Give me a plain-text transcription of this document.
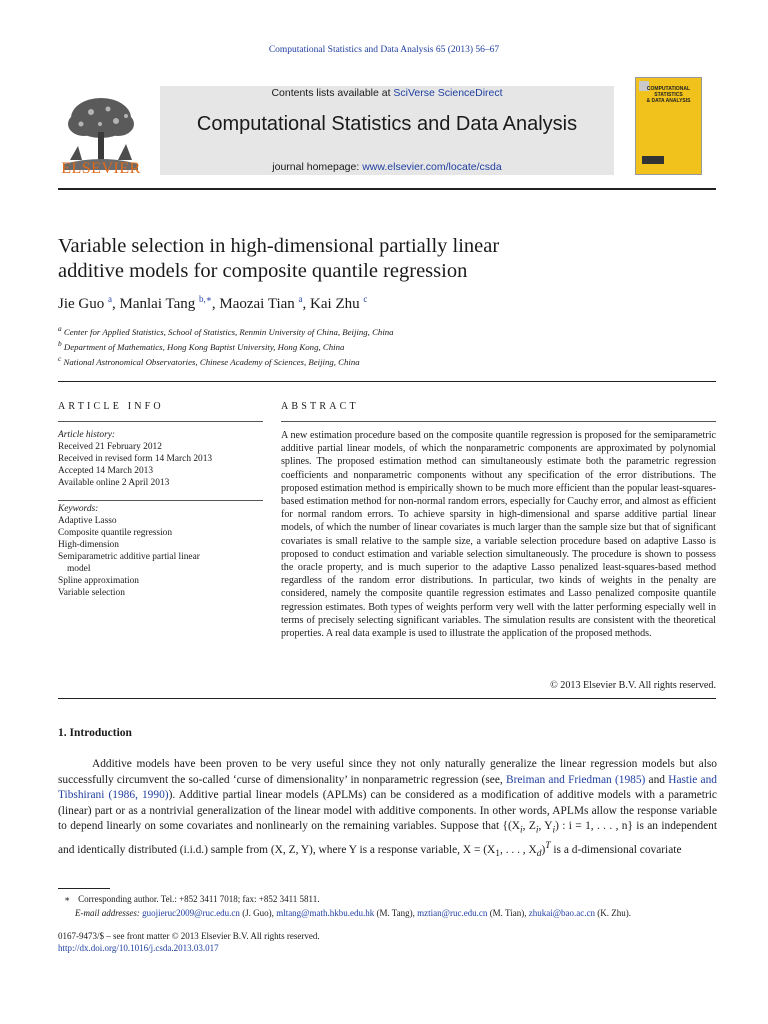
Computational Statistics and Data Analysis 65 (2013) 56–67
ELSEVIER
Contents lists available at SciVerse ScienceDirect
Computational Statistics and Data Analysis
journal homepage: www.elsevier.com/locate/csda
COMPUTATIONAL
STATISTICS
& DATA ANALYSIS
Variable selection in high-dimensional partially linear
additive models for composite quantile regression
Jie Guo $^a$, Manlai Tang $^{b,∗}$, Maozai Tian $^a$, Kai Zhu $^c$
$^a$ Center for Applied Statistics, School of Statistics, Renmin University of China, Beijing, China
$^b$ Department of Mathematics, Hong Kong Baptist University, Hong Kong, China
$^c$ National Astronomical Observatories, Chinese Academy of Sciences, Beijing, China
ARTICLE INFO
Article history:
Received 21 February 2012
Received in revised form 14 March 2013
Accepted 14 March 2013
Available online 2 April 2013
Keywords:
Adaptive Lasso
Composite quantile regression
High-dimension
Semiparametric additive partial linear
model
Spline approximation
Variable selection
ABSTRACT
A new estimation procedure based on the composite quantile regression is proposed for the semiparametric additive partial linear models, of which the nonparametric components are approximated by polynomial splines. The proposed estimation method can simultaneously estimate both the parametric regression coefficients and nonparametric components without any specification of the error distributions. The proposed estimation method is empirically shown to be much more efficient than the popular least-squares-based estimation method for non-normal random errors, especially for Cauchy error, and almost as efficient for normal random errors. To achieve sparsity in high-dimensional and sparse additive partial linear models, of which the number of linear covariates is much larger than the sample size but that of significant covariates is small relative to the sample size, a variable selection procedure based on adaptive Lasso is proposed to conduct estimation and variable selection simultaneously. The procedure is shown to possess the oracle property, and is much superior to the adaptive Lasso penalized least-squares-based method regardless of the random error distributions. In particular, two kinds of weights in the penalty are considered, namely the composite quantile regression estimates and Lasso penalized composite quantile regression estimates. Both types of weights perform very well with the latter performing especially well in terms of precisely selecting significant variables. The simulation results are consistent with the theoretical properties. A real data example is used to illustrate the application of the proposed methods.
© 2013 Elsevier B.V. All rights reserved.
1. Introduction
Additive models have been proven to be very useful since they not only naturally generalize the linear regression models but also successfully circumvent the so-called ‘curse of dimensionality’ in nonparametric regression (see, Breiman and Friedman (1985) and Hastie and Tibshirani (1986, 1990)). Additive partial linear models (APLMs) can be considered as a modification of additive models with a parametric (linear) part or as a nontrivial generalization of the linear model with additive components. In other words, APLMs allow the response variable to depend linearly on some covariates and nonlinearly on the remaining variables. Suppose that {($X_i$, $Z_i$, $Y_i$) : i = 1, . . . , n} is an independent and identically distributed (i.i.d.) sample from (X, Z, Y), where Y is a response variable, $X = (X_1$, . . . , $X_d)^T$ is a d-dimensional covariate
∗ Corresponding author. Tel.: +852 3411 7018; fax: +852 3411 5811.
E-mail addresses: guojieruc2009@ruc.edu.cn (J. Guo), mltang@math.hkbu.edu.hk (M. Tang), mztian@ruc.edu.cn (M. Tian), zhukai@bao.ac.cn (K. Zhu).
0167-9473/$ – see front matter © 2013 Elsevier B.V. All rights reserved.
http://dx.doi.org/10.1016/j.csda.2013.03.017
